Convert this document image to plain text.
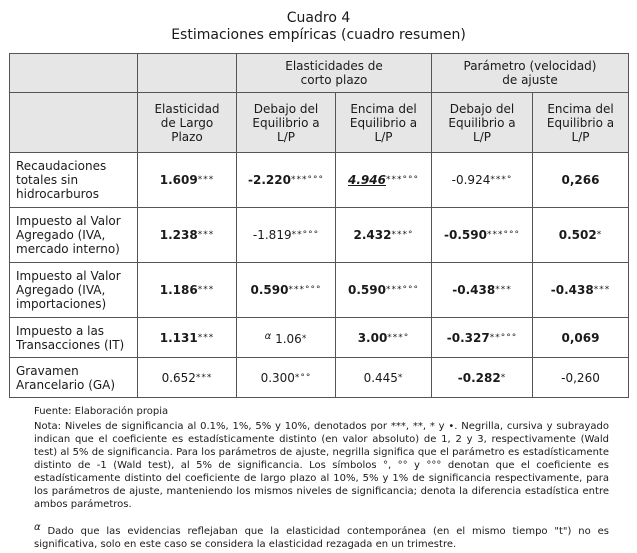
Cuadro 4
Estimaciones empíricas (cuadro resumen)

		Elasticidades de corto plazo		Parámetro (velocidad) de ajuste	

	Elasticidad de Largo Plazo	Debajo del Equilibrio a L/P	Encima del Equilibrio a L/P	Debajo del Equilibrio a L/P	Encima del Equilibrio a L/P

Recaudaciones totales sin hidrocarburos	1.609***	-2.220***°°°	4.946***°°°	-0.924***°	0,266
Impuesto al Valor Agregado (IVA, mercado interno)	1.238***	-1.819**°°°	2.432***°	-0.590***°°°	0.502*
Impuesto al Valor Agregado (IVA, importaciones)	1.186***	0.590***°°°	0.590***°°°	-0.438***	-0.438***
Impuesto a las Transacciones (IT)	1.131***	$^\alpha$ 1.06*	3.00***°	-0.327**°°°	0,069
Gravamen Arancelario (GA)	0.652***	0.300*°°	0.445*	-0.282*	-0,260
Fuente: Elaboración propia
Nota: Niveles de significancia al 0.1%, 1%, 5% y 10%, denotados por ***, **, * y •. Negrilla, cursiva y subrayado indican que el coeficiente es estadísticamente distinto (en valor absoluto) de 1, 2 y 3, respectivamente (Wald test) al 5% de significancia. Para los parámetros de ajuste, negrilla significa que el parámetro es estadísticamente distinto de -1 (Wald test), al 5% de significancia. Los símbolos °, °° y °°° denotan que el coeficiente es estadísticamente distinto del coeficiente de largo plazo al 10%, 5% y 1% de significancia respectivamente, para los parámetros de ajuste, manteniendo los mismos niveles de significancia; denota la diferencia estadística entre ambos parámetros.
α Dado que las evidencias reflejaban que la elasticidad contemporánea (en el mismo tiempo "t") no es significativa, solo en este caso se considera la elasticidad rezagada en un trimestre.
